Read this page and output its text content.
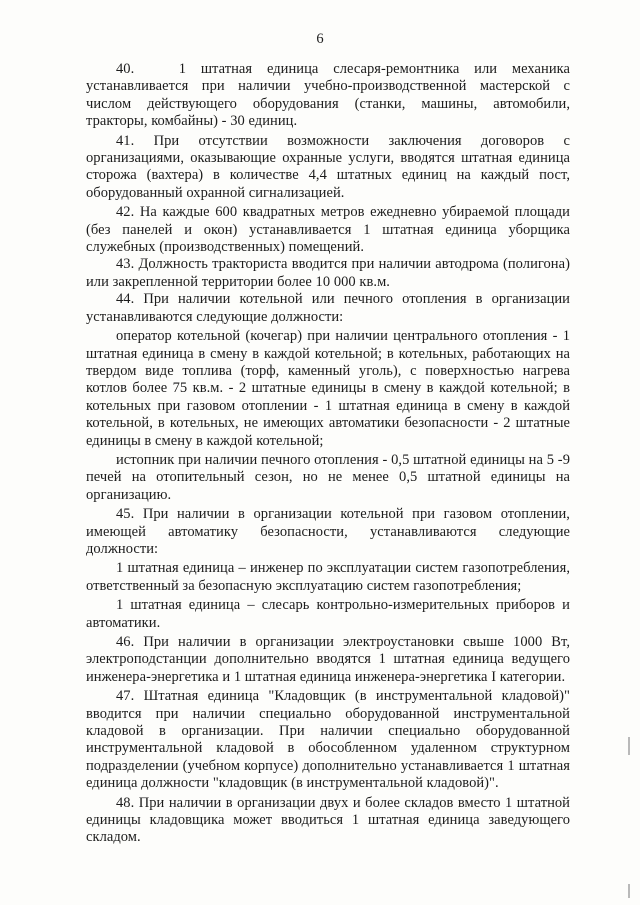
6

40.   1 штатная единица слесаря-ремонтника или механика устанавливается при наличии учебно-производственной мастерской с числом действующего оборудования (станки, машины, автомобили, тракторы, комбайны) - 30 единиц.

41. При отсутствии возможности заключения договоров с организациями, оказывающие охранные услуги, вводятся штатная единица сторожа (вахтера) в количестве 4,4 штатных единиц на каждый пост, оборудованный охранной сигнализацией.

42. На каждые 600 квадратных метров ежедневно убираемой площади (без панелей и окон) устанавливается 1 штатная единица уборщика служебных (производственных) помещений.

43. Должность тракториста вводится при наличии автодрома (полигона) или закрепленной территории более 10 000 кв.м.

44. При наличии котельной или печного отопления в организации устанавливаются следующие должности:

оператор котельной (кочегар) при наличии центрального отопления - 1 штатная единица в смену в каждой котельной; в котельных, работающих на твердом виде топлива (торф, каменный уголь), с поверхностью нагрева котлов более 75 кв.м. - 2 штатные единицы в смену в каждой котельной; в котельных при газовом отоплении - 1 штатная единица в смену в каждой котельной, в котельных, не имеющих автоматики безопасности - 2 штатные единицы в смену в каждой котельной;

истопник при наличии печного отопления - 0,5 штатной единицы на 5 -9 печей на отопительный сезон, но не менее 0,5 штатной единицы на организацию.

45. При наличии в организации котельной при газовом отоплении, имеющей автоматику безопасности, устанавливаются следующие должности:

1 штатная единица – инженер по эксплуатации систем газопотребления, ответственный за безопасную эксплуатацию систем газопотребления;

1 штатная единица – слесарь контрольно-измерительных приборов и автоматики.

46. При наличии в организации электроустановки свыше 1000 Вт, электроподстанции дополнительно вводятся 1 штатная единица ведущего инженера-энергетика и 1 штатная единица инженера-энергетика I категории.

47. Штатная единица "Кладовщик (в инструментальной кладовой)" вводится при наличии специально оборудованной инструментальной кладовой в организации. При наличии специально оборудованной инструментальной кладовой в обособленном удаленном структурном подразделении (учебном корпусе) дополнительно устанавливается 1 штатная единица должности "кладовщик (в инструментальной кладовой)".

48. При наличии в организации двух и более складов вместо 1 штатной единицы кладовщика может вводиться 1 штатная единица заведующего складом.
